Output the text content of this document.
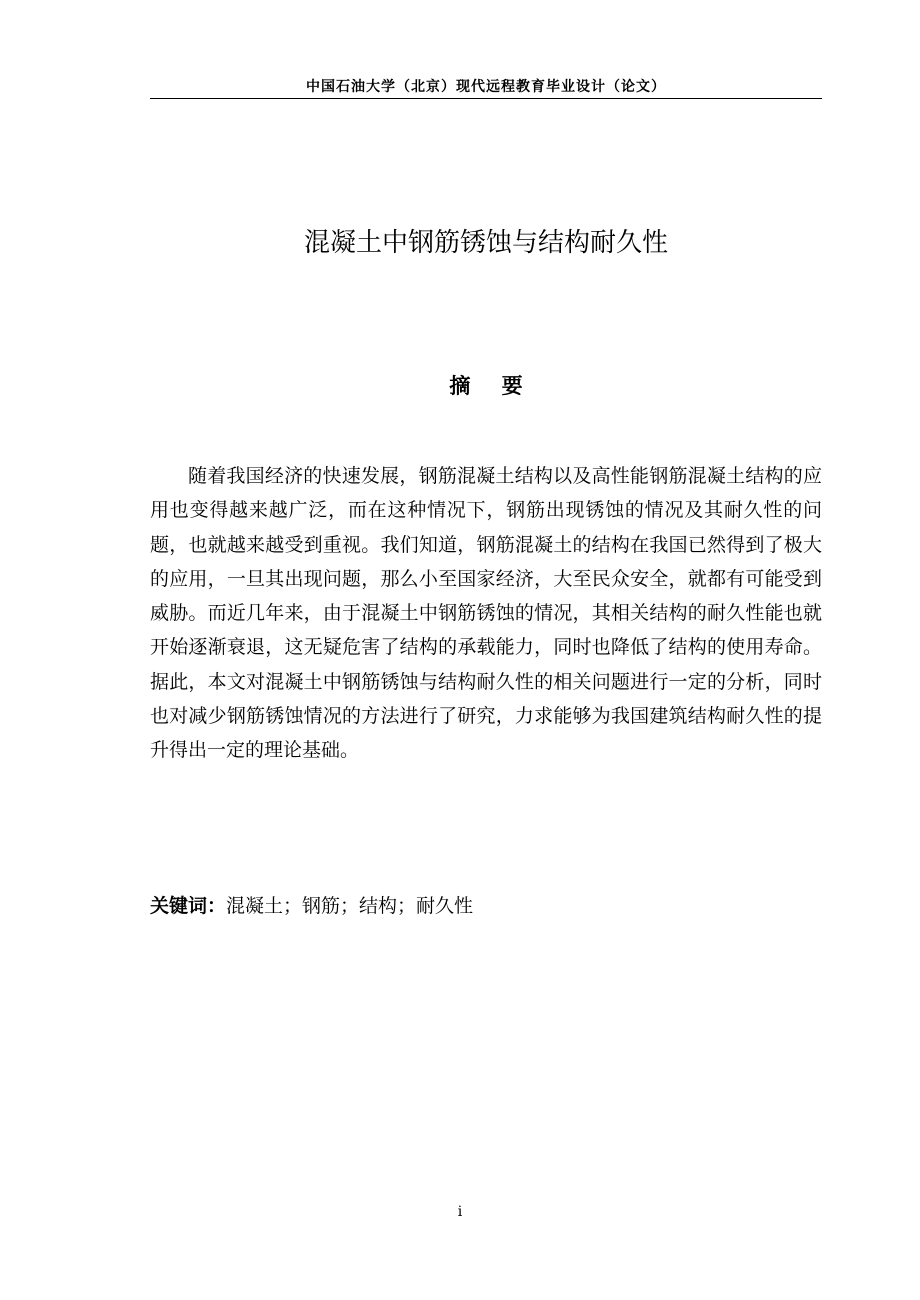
中国石油大学（北京）现代远程教育毕业设计（论文）
混凝土中钢筋锈蚀与结构耐久性
摘 要

随着我国经济的快速发展，钢筋混凝土结构以及高性能钢筋混凝土结构的应用也变得越来越广泛，而在这种情况下，钢筋出现锈蚀的情况及其耐久性的问题，也就越来越受到重视。我们知道，钢筋混凝土的结构在我国已然得到了极大的应用，一旦其出现问题，那么小至国家经济，大至民众安全，就都有可能受到威胁。而近几年来，由于混凝土中钢筋锈蚀的情况，其相关结构的耐久性能也就开始逐渐衰退，这无疑危害了结构的承载能力，同时也降低了结构的使用寿命。据此，本文对混凝土中钢筋锈蚀与结构耐久性的相关问题进行一定的分析，同时也对减少钢筋锈蚀情况的方法进行了研究，力求能够为我国建筑结构耐久性的提升得出一定的理论基础。

关键词：混凝土；钢筋；结构；耐久性
i
